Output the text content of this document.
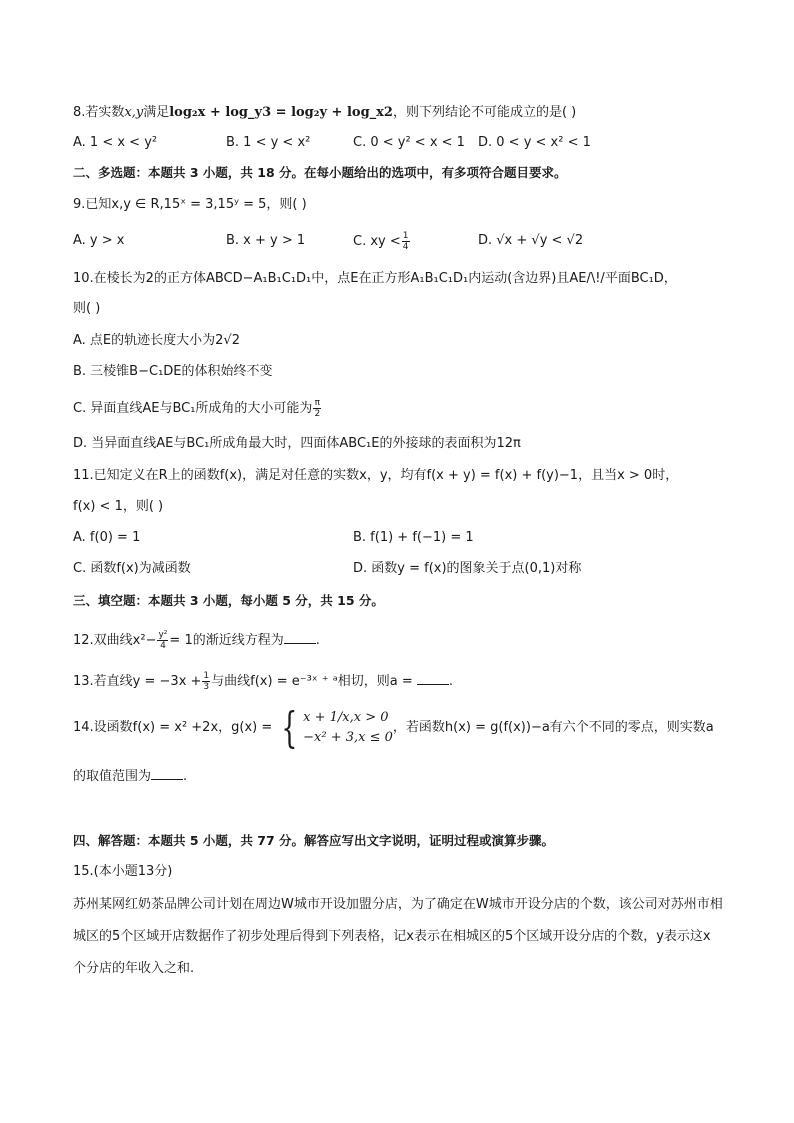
8.若实数x,y满足log₂x + log_y3 = log₂y + log_x2，则下列结论不可能成立的是( )
A. 1 < x < y²	B. 1 < y < x²	C. 0 < y² < x < 1 D. 0 < y < x² < 1
二、多选题：本题共 3 小题，共 18 分。在每小题给出的选项中，有多项符合题目要求。
9.已知x,y ∈ R,15ˣ = 3,15ʸ = 5，则( )
A. y > x	B. x + y > 1	C. xy < $\frac{1}{4}$	D. √x + √y < √2
10.在棱长为2的正方体ABCD−A₁B₁C₁D₁中，点E在正方形A₁B₁C₁D₁内运动(含边界)且AE/\!/平面BC₁D，
则( )
A. 点E的轨迹长度大小为2√2
B. 三棱锥B−C₁DE的体积始终不变
C. 异面直线AE与BC₁所成角的大小可能为 $\frac{\pi}{2}$
D. 当异面直线AE与BC₁所成角最大时，四面体ABC₁E的外接球的表面积为12π
11.已知定义在R上的函数f(x)，满足对任意的实数x，y，均有f(x + y) = f(x) + f(y)−1，且当x > 0时，
f(x) < 1，则( )
A. f(0) = 1	B. f(1) + f(−1) = 1
C. 函数f(x)为减函数	D. 函数y = f(x)的图象关于点(0,1)对称
三、填空题：本题共 3 小题，每小题 5 分，共 15 分。
12.双曲线$x^2- \frac{\text{y²}}{4} = 1$的渐近线方程为 .
13.若直线$y = -3x + \frac{1}{3}$ 与曲线f(x) = e⁻³ˣ ⁺ ᵃ相切，则a = .
14.设函数f(x) = x² +2x，g(x) = { x + 1/x,x > 0
−x² + 3,x ≤ 0
，若函数h(x) = g(f(x))−a有六个不同的零点，则实数a
的取值范围为 .
四、解答题：本题共 5 小题，共 77 分。解答应写出文字说明，证明过程或演算步骤。
15.(本小题13分)
苏州某网红奶茶品牌公司计划在周边W城市开设加盟分店，为了确定在W城市开设分店的个数，该公司对苏州市相城区的5个区域开店数据作了初步处理后得到下列表格，记x表示在相城区的5个区域开设分店的个数，y表示这x个分店的年收入之和.
